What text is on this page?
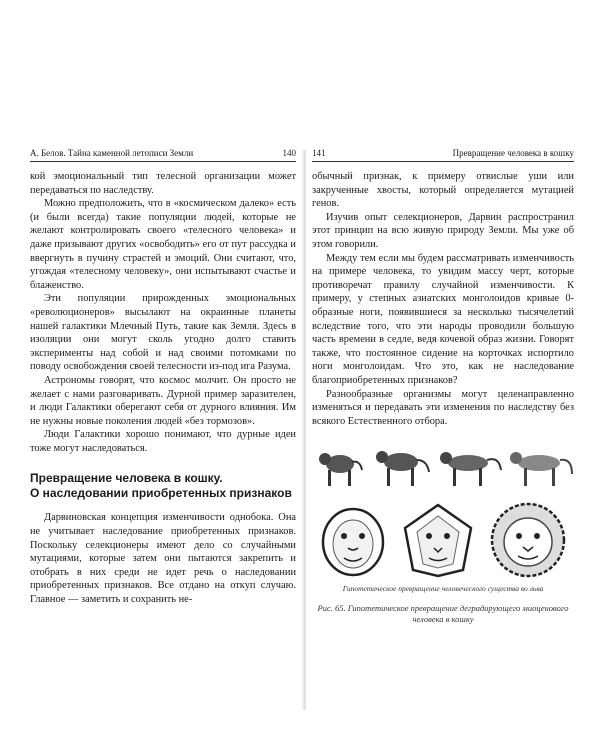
А. Белов. Тайна каменной летописи Земли	140

кой эмоциональный тип телесной организации может передаваться по наследству.

Можно предположить, что в «космическом далеко» есть (и были всегда) такие популяции людей, которые не желают контролировать своего «телесного человека» и даже призывают других «освободить» его от пут рассудка и ввергнуть в пучину страстей и эмоций. Они считают, что, угождая «телесному человеку», они испытывают счастье и блаженство.

Эти популяции прирожденных эмоциональных «революционеров» высылают на окраинные планеты нашей галактики Млечный Путь, такие как Земля. Здесь в изоляции они могут сколь угодно долго ставить эксперименты над собой и над своими потомками по поводу освобождения своей телесности из-под ига Разума.

Астрономы говорят, что космос молчит. Он просто не желает с нами разговаривать. Дурной пример заразителен, и люди Галактики оберегают себя от дурного влияния. Им не нужны новые поколения людей «без тормозов».

Люди Галактики хорошо понимают, что дурные идеи тоже могут наследоваться.

Превращение человека в кошку.
О наследовании приобретенных признаков

Дарвиновская концепция изменчивости однобока. Она не учитывает наследование приобретенных признаков. Поскольку селекционеры имеют дело со случайными мутациями, которые затем они пытаются закрепить и отобрать в них среди не идет речь о наследовании приобретенных признаков. Все отдано на откуп случаю. Главное — заметить и сохранить не-

141	Превращение человека в кошку

обычный признак, к примеру отвислые уши или закрученные хвосты, который определяется мутацией генов.

Изучив опыт селекционеров, Дарвин распространил этот принцип на всю живую природу Земли. Мы уже об этом говорили.

Между тем если мы будем рассматривать изменчивость на примере человека, то увидим массу черт, которые противоречат правилу случайной изменчивости. К примеру, у степных азиатских монголоидов кривые 0-образные ноги, появившиеся за несколько тысячелетий вследствие того, что эти народы проводили большую часть времени в седле, ведя кочевой образ жизни. Говорят также, что постоянное сидение на корточках испортило ноги монголоидам. Что это, как не наследование благоприобретенных признаков?

Разнообразные организмы могут целенаправленно изменяться и передавать эти изменения по наследству без всякого Естественного отбора.

Гипотетическое превращение человеческого существа во льва
Рис. 65. Гипотетическое превращение деградирующего миоценового человека в кошку
